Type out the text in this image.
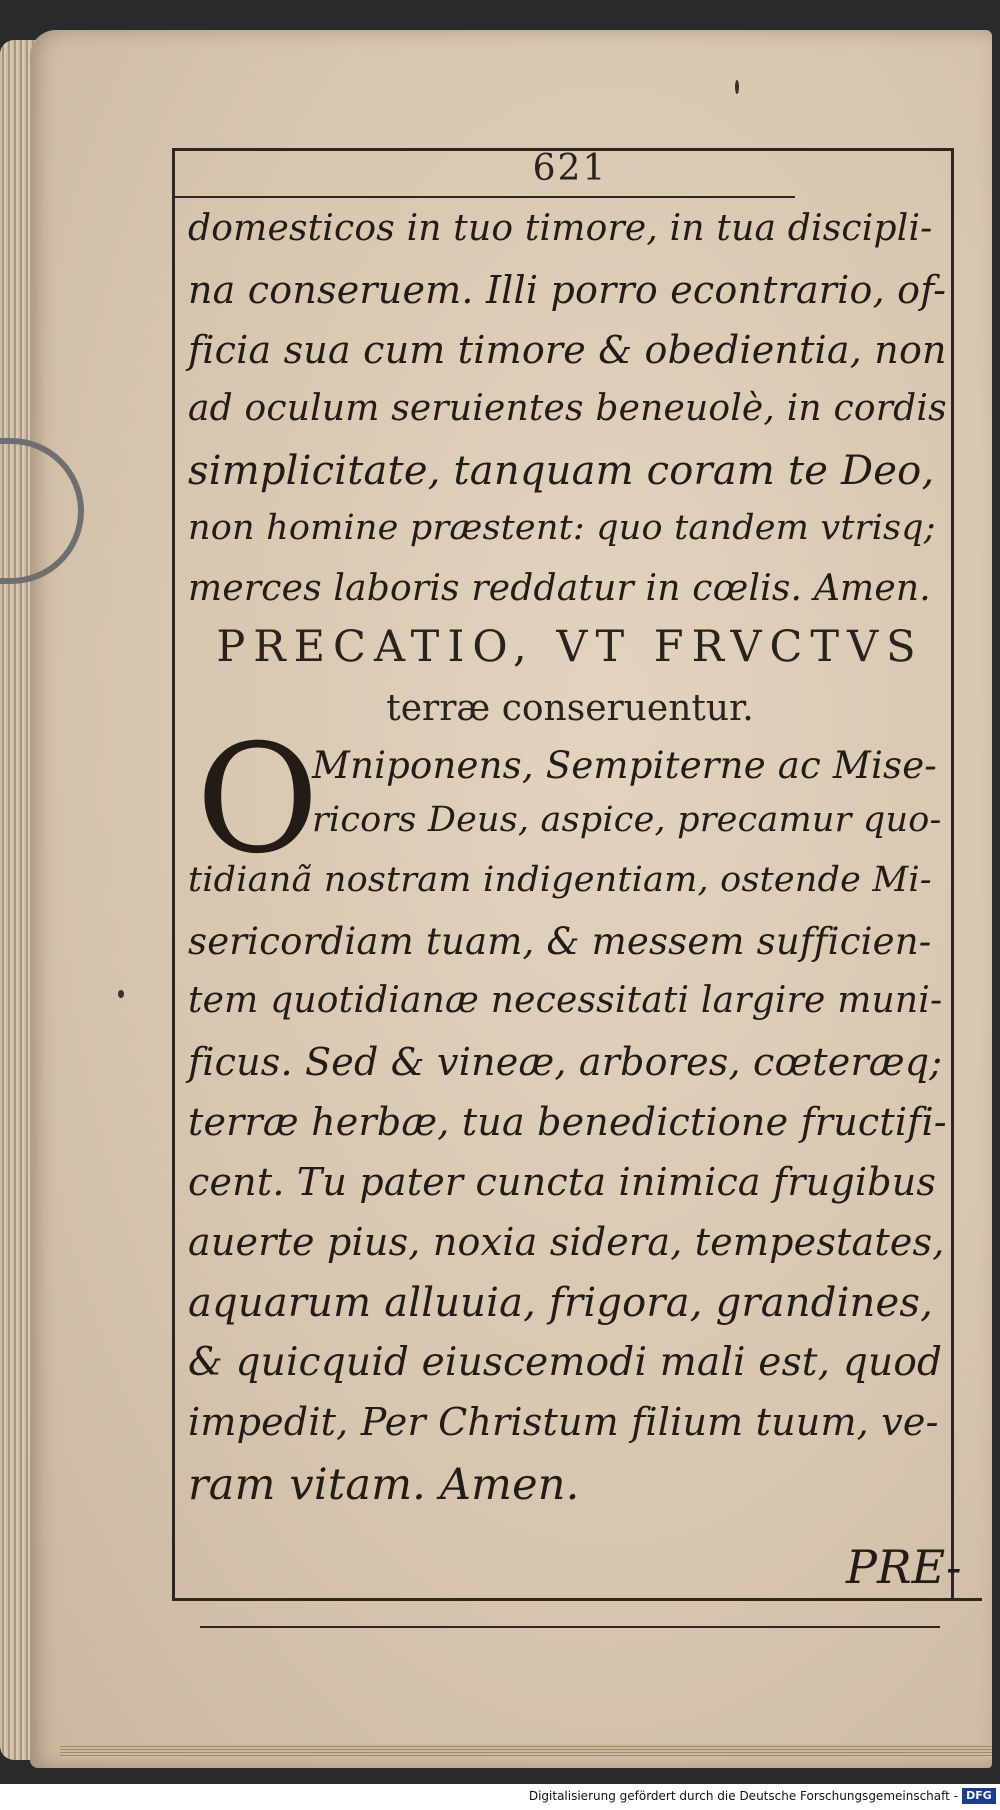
621
domesticos in tuo timore, in tua discipli-
na conseruem. Illi porro econtrario, of-
ficia sua cum timore & obedientia, non
ad oculum seruientes beneuolè, in cordis
simplicitate, tanquam coram te Deo,
non homine præstent: quo tandem vtrisq;
merces laboris reddatur in cœlis. Amen.
PRECATIO, VT FRVCTVS
terræ conseruentur.
O
Mniponens, Sempiterne ac Mise-
ricors Deus, aspice, precamur quo-
tidianã nostram indigentiam, ostende Mi-
sericordiam tuam, & messem sufficien-
tem quotidianæ necessitati largire muni-
ficus. Sed & vineæ, arbores, cœteræq;
terræ herbæ, tua benedictione fructifi-
cent. Tu pater cuncta inimica frugibus
auerte pius, noxia sidera, tempestates,
aquarum alluuia, frigora, grandines,
& quicquid eiuscemodi mali est, quod
impedit, Per Christum filium tuum, ve-
ram vitam. Amen.
PRE-
Digitalisierung gefördert durch die Deutsche Forschungsgemeinschaft - DFG
